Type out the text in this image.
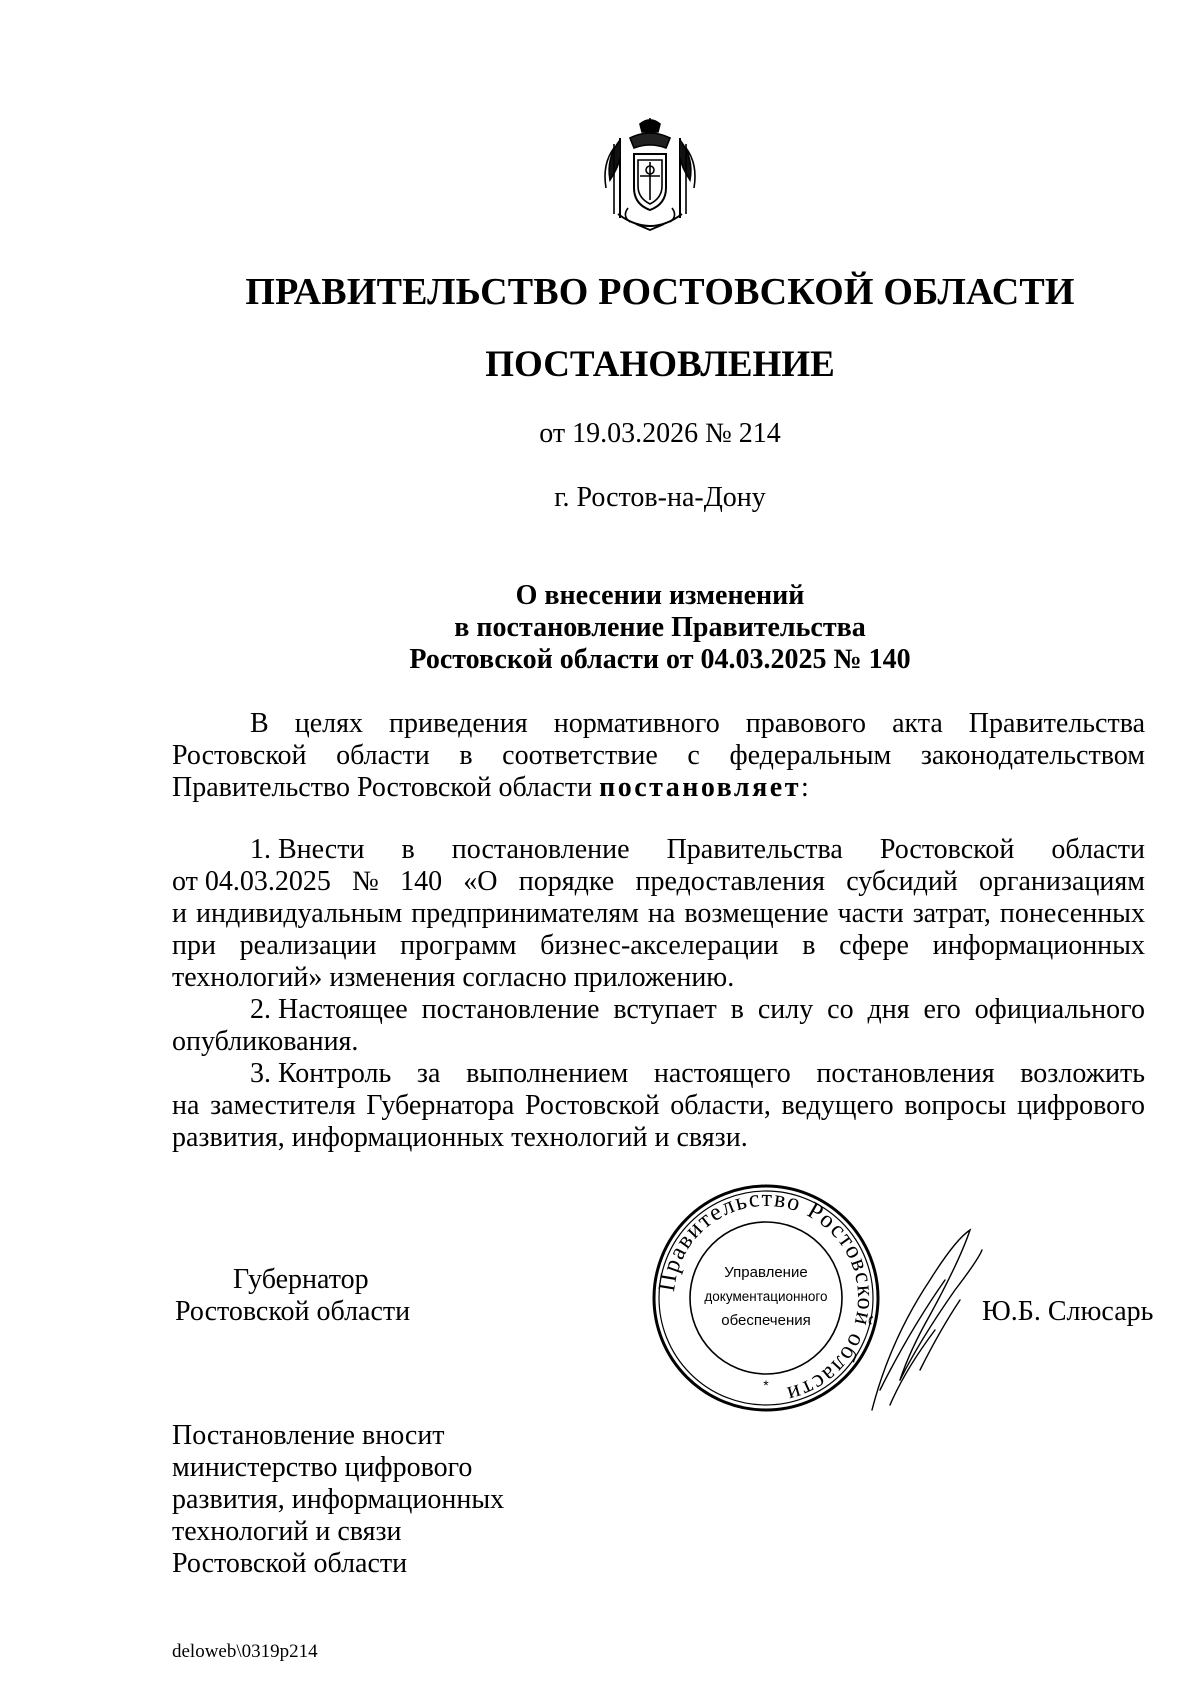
ПРАВИТЕЛЬСТВО РОСТОВСКОЙ ОБЛАСТИ
ПОСТАНОВЛЕНИЕ
от 19.03.2026 № 214
г. Ростов-на-Дону
О внесении изменений
в постановление Правительства
Ростовской области от 04.03.2025 № 140
В целях приведения нормативного правового акта Правительства
Ростовской области в соответствие с федеральным законодательством
Правительство Ростовской области постановляет :
1. Внести в постановление Правительства Ростовской области
от 04.03.2025 № 140 «О порядке предоставления субсидий организациям
и индивидуальным предпринимателям на возмещение части затрат, понесенных
при реализации программ бизнес-акселерации в сфере информационных
технологий» изменения согласно приложению.
2. Настоящее постановление вступает в силу со дня его официального
опубликования.
3. Контроль за выполнением настоящего постановления возложить
на заместителя Губернатора Ростовской области, ведущего вопросы цифрового
развития, информационных технологий и связи.
Губернатор
Ростовской области
Правительство Ростовской области
Управление
документационного
обеспечения
*
Ю.Б. Слюсарь
Постановление вносит
министерство цифрового
развития, информационных
технологий и связи
Ростовской области
deloweb\0319p214
